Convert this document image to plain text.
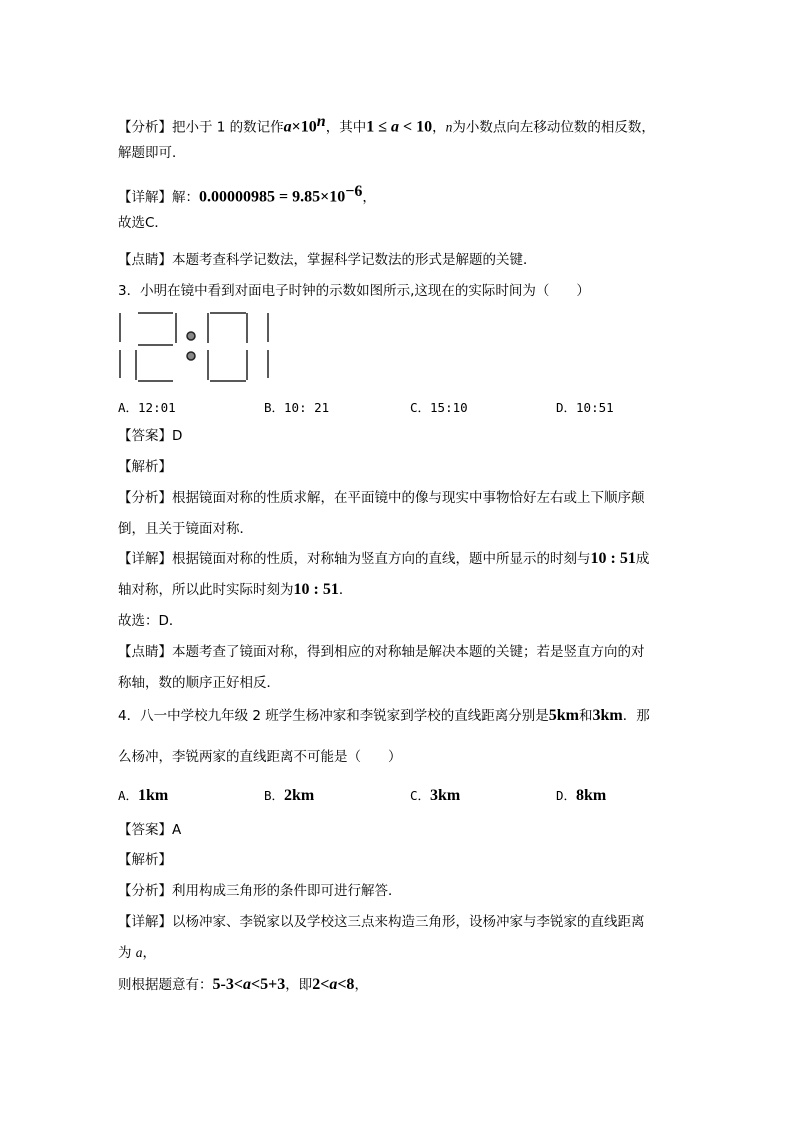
【分析】把小于 1 的数记作$a\times 10^n$，其中1 ≤ a < 10，n为小数点向左移动位数的相反数，
解题即可．
【详解】解：$0.00000985 = 9.85\times 10^{-6}$，
故选C．
【点睛】本题考查科学记数法，掌握科学记数法的形式是解题的关键．
3．小明在镜中看到对面电子时钟的示数如图所示,这现在的实际时间为（　　）
A．12:01	B．10: 21	C．15:10	D．10:51
【答案】D
【解析】
【分析】根据镜面对称的性质求解，在平面镜中的像与现实中事物恰好左右或上下顺序颠
倒，且关于镜面对称．
【详解】根据镜面对称的性质，对称轴为竖直方向的直线，题中所显示的时刻与10 : 51成
轴对称，所以此时实际时刻为10 : 51．
故选：D．
【点睛】本题考查了镜面对称，得到相应的对称轴是解决本题的关键；若是竖直方向的对
称轴，数的顺序正好相反．
4．八一中学校九年级 2 班学生杨冲家和李锐家到学校的直线距离分别是5km和3km．那
么杨冲，李锐两家的直线距离不可能是（　　）
A．1km	B．2km	C．3km	D．8km
【答案】A
【解析】
【分析】利用构成三角形的条件即可进行解答．
【详解】以杨冲家、李锐家以及学校这三点来构造三角形，设杨冲家与李锐家的直线距离
为 a，
则根据题意有：5-3<a<5+3，即2<a<8，
